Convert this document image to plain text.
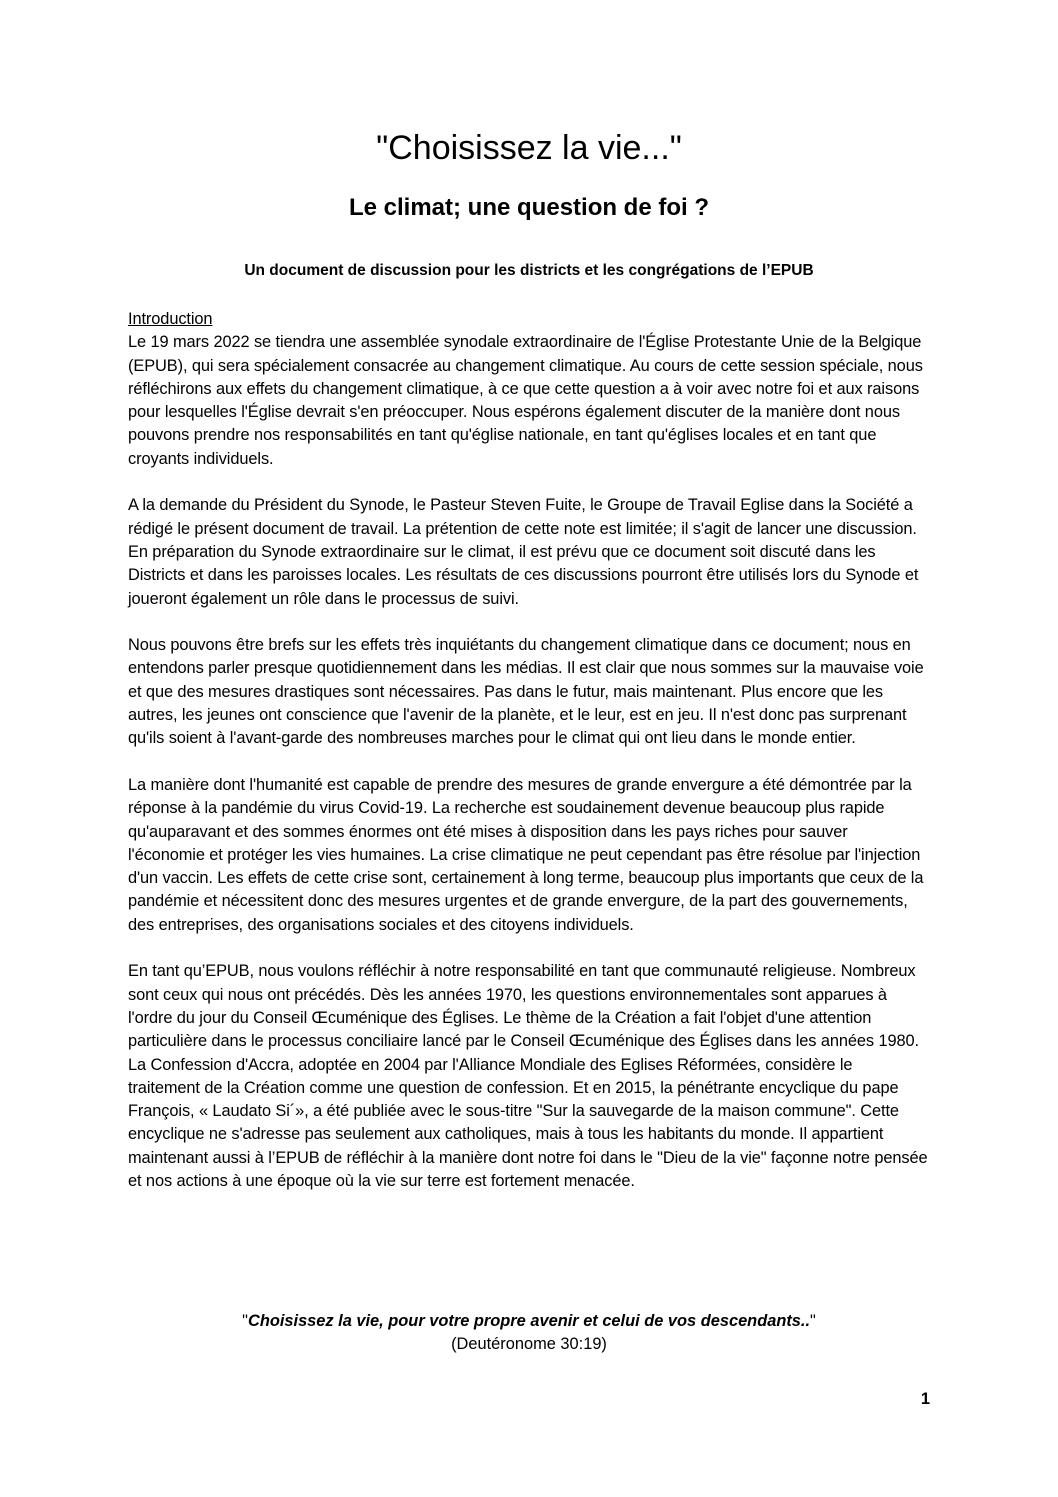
"Choisissez la vie..."
Le climat; une question de foi ?

Un document de discussion pour les districts et les congrégations de l’EPUB

Introduction

Le 19 mars 2022 se tiendra une assemblée synodale extraordinaire de l'Église Protestante Unie de la Belgique (EPUB), qui sera spécialement consacrée au changement climatique. Au cours de cette session spéciale, nous réfléchirons aux effets du changement climatique, à ce que cette question a à voir avec notre foi et aux raisons pour lesquelles l'Église devrait s'en préoccuper. Nous espérons également discuter de la manière dont nous pouvons prendre nos responsabilités en tant qu'église nationale, en tant qu'églises locales et en tant que croyants individuels.

A la demande du Président du Synode, le Pasteur Steven Fuite, le Groupe de Travail Eglise dans la Société a rédigé le présent document de travail. La prétention de cette note est limitée; il s'agit de lancer une discussion. En préparation du Synode extraordinaire sur le climat, il est prévu que ce document soit discuté dans les Districts et dans les paroisses locales. Les résultats de ces discussions pourront être utilisés lors du Synode et joueront également un rôle dans le processus de suivi.

Nous pouvons être brefs sur les effets très inquiétants du changement climatique dans ce document; nous en entendons parler presque quotidiennement dans les médias. Il est clair que nous sommes sur la mauvaise voie et que des mesures drastiques sont nécessaires. Pas dans le futur, mais maintenant. Plus encore que les autres, les jeunes ont conscience que l'avenir de la planète, et le leur, est en jeu. Il n'est donc pas surprenant qu'ils soient à l'avant-garde des nombreuses marches pour le climat qui ont lieu dans le monde entier.

La manière dont l'humanité est capable de prendre des mesures de grande envergure a été démontrée par la réponse à la pandémie du virus Covid-19. La recherche est soudainement devenue beaucoup plus rapide qu'auparavant et des sommes énormes ont été mises à disposition dans les pays riches pour sauver l'économie et protéger les vies humaines. La crise climatique ne peut cependant pas être résolue par l'injection d'un vaccin. Les effets de cette crise sont, certainement à long terme, beaucoup plus importants que ceux de la pandémie et nécessitent donc des mesures urgentes et de grande envergure, de la part des gouvernements, des entreprises, des organisations sociales et des citoyens individuels.

En tant qu’EPUB, nous voulons réfléchir à notre responsabilité en tant que communauté religieuse. Nombreux sont ceux qui nous ont précédés. Dès les années 1970, les questions environnementales sont apparues à l'ordre du jour du Conseil Œcuménique des Églises. Le thème de la Création a fait l'objet d'une attention particulière dans le processus conciliaire lancé par le Conseil Œcuménique des Églises dans les années 1980. La Confession d'Accra, adoptée en 2004 par l'Alliance Mondiale des Eglises Réformées, considère le traitement de la Création comme une question de confession. Et en 2015, la pénétrante encyclique du pape François, « Laudato Si´», a été publiée avec le sous-titre "Sur la sauvegarde de la maison commune". Cette encyclique ne s'adresse pas seulement aux catholiques, mais à tous les habitants du monde. Il appartient maintenant aussi à l’EPUB de réfléchir à la manière dont notre foi dans le "Dieu de la vie" façonne notre pensée et nos actions à une époque où la vie sur terre est fortement menacée.

"Choisissez la vie, pour votre propre avenir et celui de vos descendants.."
(Deutéronome 30:19)
1
